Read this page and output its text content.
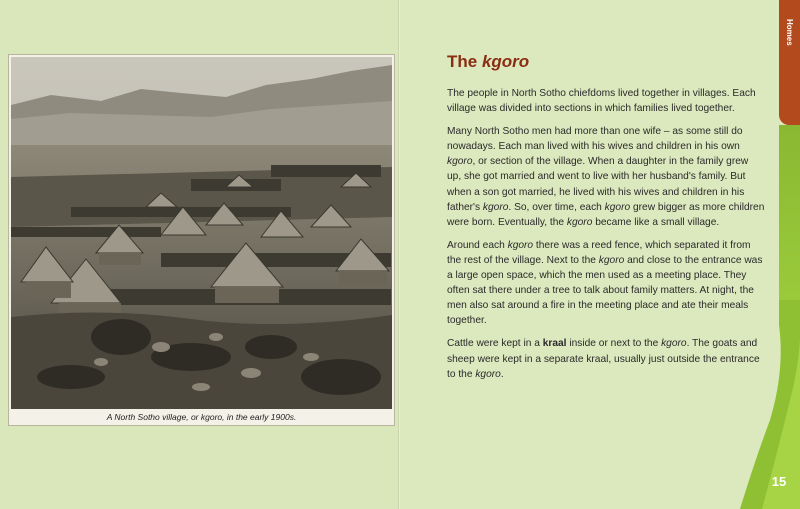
A North Sotho village, or kgoro, in the early 1900s.
The kgoro

The people in North Sotho chiefdoms lived together in villages. Each village was divided into sections in which families lived together.

Many North Sotho men had more than one wife – as some still do nowadays. Each man lived with his wives and children in his own kgoro, or section of the village. When a daughter in the family grew up, she got married and went to live with her husband's family. But when a son got married, he lived with his wives and children in his father's kgoro. So, over time, each kgoro grew bigger as more children were born. Eventually, the kgoro became like a small village.

Around each kgoro there was a reed fence, which separated it from the rest of the village. Next to the kgoro and close to the entrance was a large open space, which the men used as a meeting place. They often sat there under a tree to talk about family matters. At night, the men also sat around a fire in the meeting place and ate their meals together.

Cattle were kept in a kraal inside or next to the kgoro. The goats and sheep were kept in a separate kraal, usually just outside the entrance to the kgoro.

Homes
15
